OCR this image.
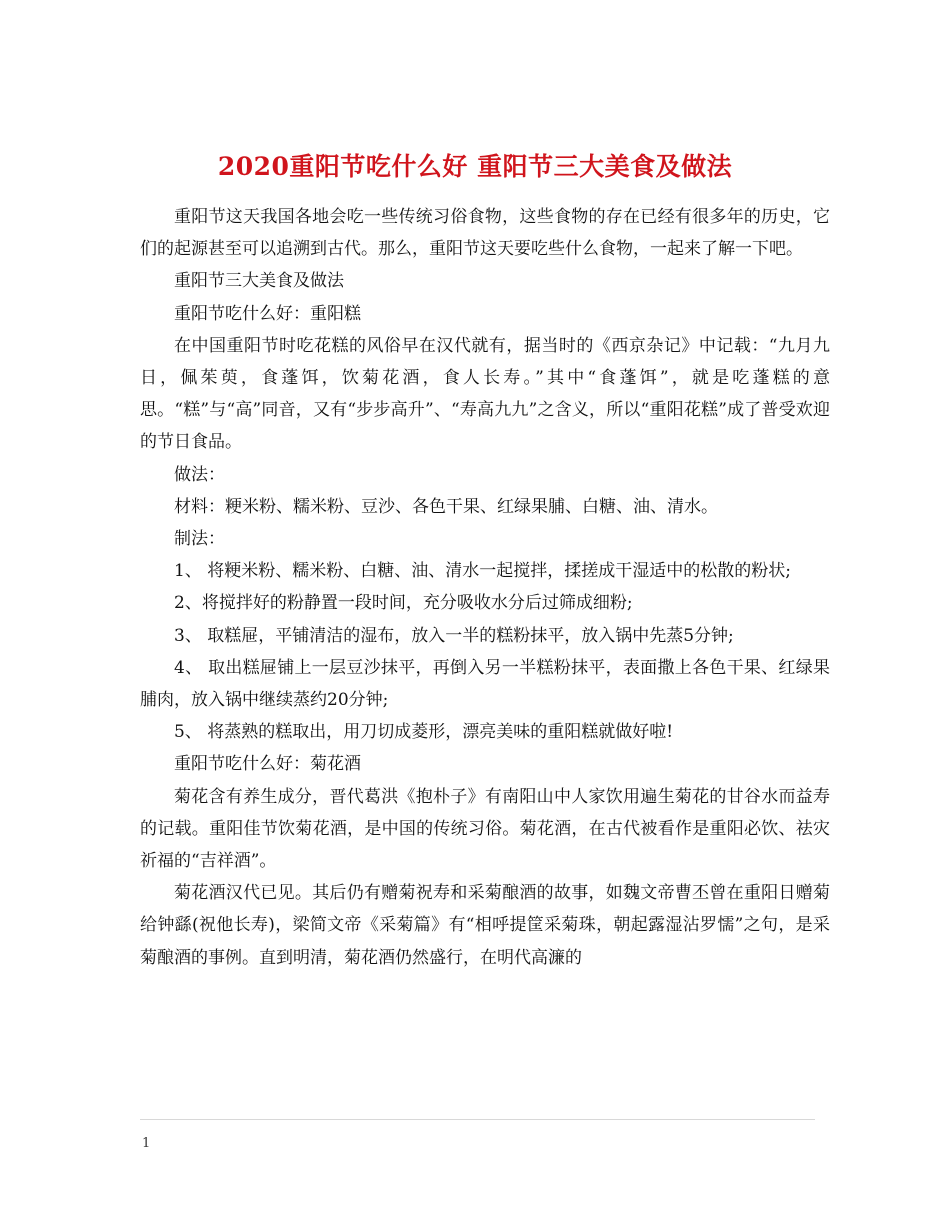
2020重阳节吃什么好 重阳节三大美食及做法

重阳节这天我国各地会吃一些传统习俗食物，这些食物的存在已经有很多年的历史，它们的起源甚至可以追溯到古代。那么，重阳节这天要吃些什么食物，一起来了解一下吧。

重阳节三大美食及做法

重阳节吃什么好：重阳糕

在中国重阳节时吃花糕的风俗早在汉代就有，据当时的《西京杂记》中记载：“九月九日，佩茱萸，食蓬饵，饮菊花酒，食人长寿。”其中“食蓬饵”，就是吃蓬糕的意思。“糕”与“高”同音，又有“步步高升”、“寿高九九”之含义，所以“重阳花糕”成了普受欢迎的节日食品。

做法：

材料：粳米粉、糯米粉、豆沙、各色干果、红绿果脯、白糖、油、清水。

制法：

1、 将粳米粉、糯米粉、白糖、油、清水一起搅拌，揉搓成干湿适中的松散的粉状;

2、将搅拌好的粉静置一段时间，充分吸收水分后过筛成细粉;

3、 取糕屉，平铺清洁的湿布，放入一半的糕粉抹平，放入锅中先蒸5分钟;

4、 取出糕屉铺上一层豆沙抹平，再倒入另一半糕粉抹平，表面撒上各色干果、红绿果脯肉，放入锅中继续蒸约20分钟;

5、 将蒸熟的糕取出，用刀切成菱形，漂亮美味的重阳糕就做好啦!

重阳节吃什么好：菊花酒

菊花含有养生成分，晋代葛洪《抱朴子》有南阳山中人家饮用遍生菊花的甘谷水而益寿的记载。重阳佳节饮菊花酒，是中国的传统习俗。菊花酒，在古代被看作是重阳必饮、祛灾祈福的“吉祥酒”。

菊花酒汉代已见。其后仍有赠菊祝寿和采菊酿酒的故事，如魏文帝曹丕曾在重阳日赠菊给钟繇(祝他长寿)，梁简文帝《采菊篇》有“相呼提筐采菊珠，朝起露湿沾罗懦”之句，是采菊酿酒的事例。直到明清，菊花酒仍然盛行，在明代高濂的

1
